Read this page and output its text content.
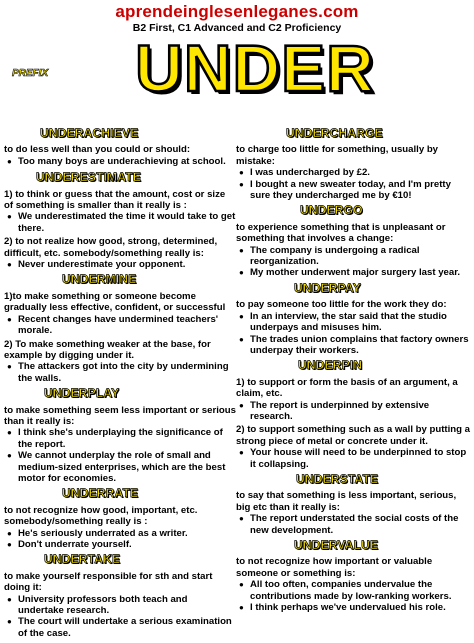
aprendeinglesenleganes.com
B2 First, C1 Advanced and C2 Proficiency
PREFIX	UNDER
UNDERACHIEVE

to do less well than you could or should:

● Too many boys are underachieving at school.
UNDERESTIMATE

1) to think or guess that the amount, cost or size of something is smaller than it really is :

● We underestimated the time it would take to get there.

2) to not realize how good, strong, determined, difficult, etc. somebody/something really is:

● Never underestimate your opponent.
UNDERMINE

1)to make something or someone become gradually less effective, confident, or successful

● Recent changes have undermined teachers' morale.

2) To make something weaker at the base, for example by digging under it.

● The attackers got into the city by undermining the walls.
UNDERPLAY

to make something seem less important or serious than it really is:

● I think she's underplaying the significance of the report.
● We cannot underplay the role of small and medium-sized enterprises, which are the best motor for economies.
UNDERRATE

to not recognize how good, important, etc. somebody/something really is :

● He's seriously underrated as a writer.
● Don't underrate yourself.
UNDERTAKE

to make yourself responsible for sth and start doing it:

● University professors both teach and undertake research.
● The court will undertake a serious examination of the case.
UNDERCHARGE

to charge too little for something, usually by mistake:

● I was undercharged by £2.
● I bought a new sweater today, and I'm pretty sure they undercharged me by €10!
UNDERGO

to experience something that is unpleasant or something that involves a change:

● The company is undergoing a radical reorganization.
● My mother underwent major surgery last year.
UNDERPAY

to pay someone too little for the work they do:

● In an interview, the star said that the studio underpays and misuses him.
● The trades union complains that factory owners underpay their workers.
UNDERPIN

1) to support or form the basis of an argument, a claim, etc.

● The report is underpinned by extensive research.

2) to support something such as a wall by putting a strong piece of metal or concrete under it.

● Your house will need to be underpinned to stop it collapsing.
UNDERSTATE

to say that something is less important, serious, big etc than it really is:

● The report understated the social costs of the new development.
UNDERVALUE

to not recognize how important or valuable someone or something is:

● All too often, companies undervalue the contributions made by low-ranking workers.
● I think perhaps we've undervalued his role.
